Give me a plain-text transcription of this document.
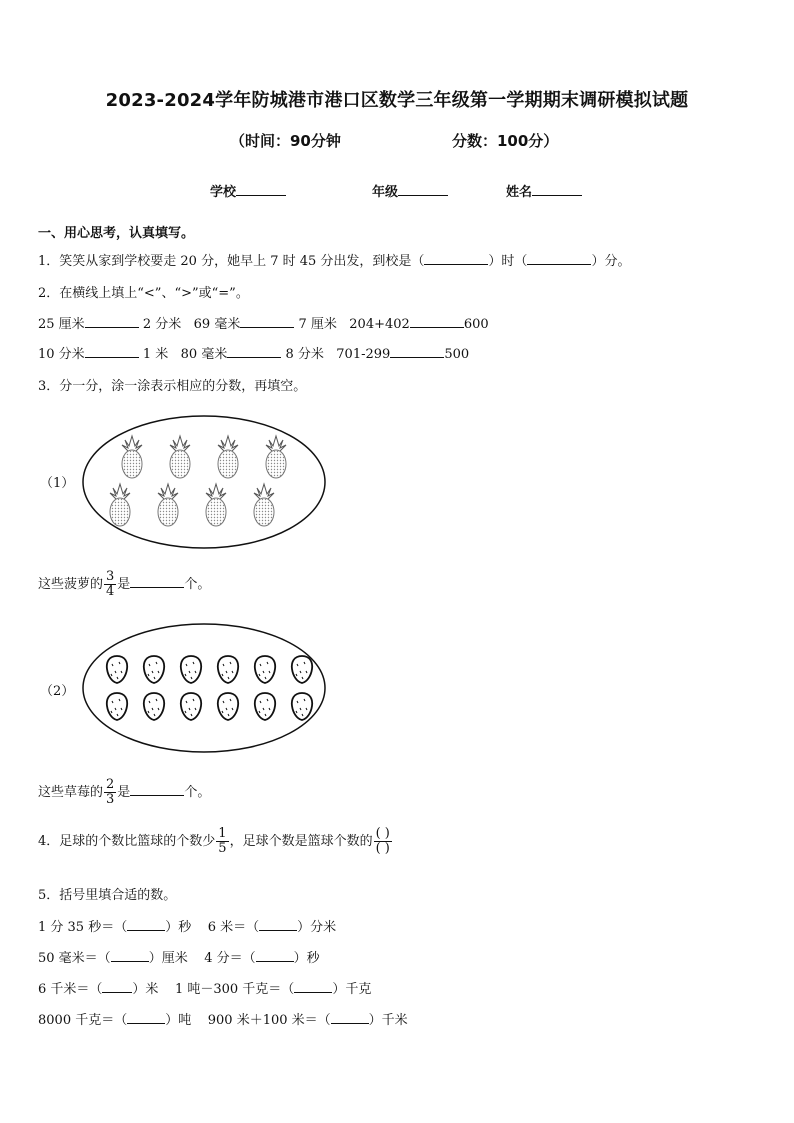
2023-2024学年防城港市港口区数学三年级第一学期期末调研模拟试题
（时间：90分钟	分数：100分）
学校	年级	姓名
一、用心思考，认真填写。
1．笑笑从家到学校要走 20 分，她早上 7 时 45 分出发，到校是（	）时（	）分。
2．在横线上填上“<”、“>”或“=”。
25 厘米	2 分米 69 毫米	7 厘米 204+402	600
10 分米	1 米 80 毫米	8 分米 701-299	500
3．分一分，涂一涂表示相应的分数，再填空。
（1）
这些菠萝的 $\frac{3}{4}$ 是	个。
（2）
这些草莓的 $\frac{2}{3}$ 是	个。
4．足球的个数比篮球的个数少 $\frac{1}{5}$ ，足球个数是篮球个数的 $\frac{( )}{( )}$
5．括号里填合适的数。
1 分 35 秒＝（	）秒 6 米＝（	）分米
50 毫米＝（	）厘米 4 分＝（	）秒
6 千米＝（ ）米 1 吨－300 千克＝（	）千克
8000 千克＝（	）吨 900 米＋100 米＝（	）千米
